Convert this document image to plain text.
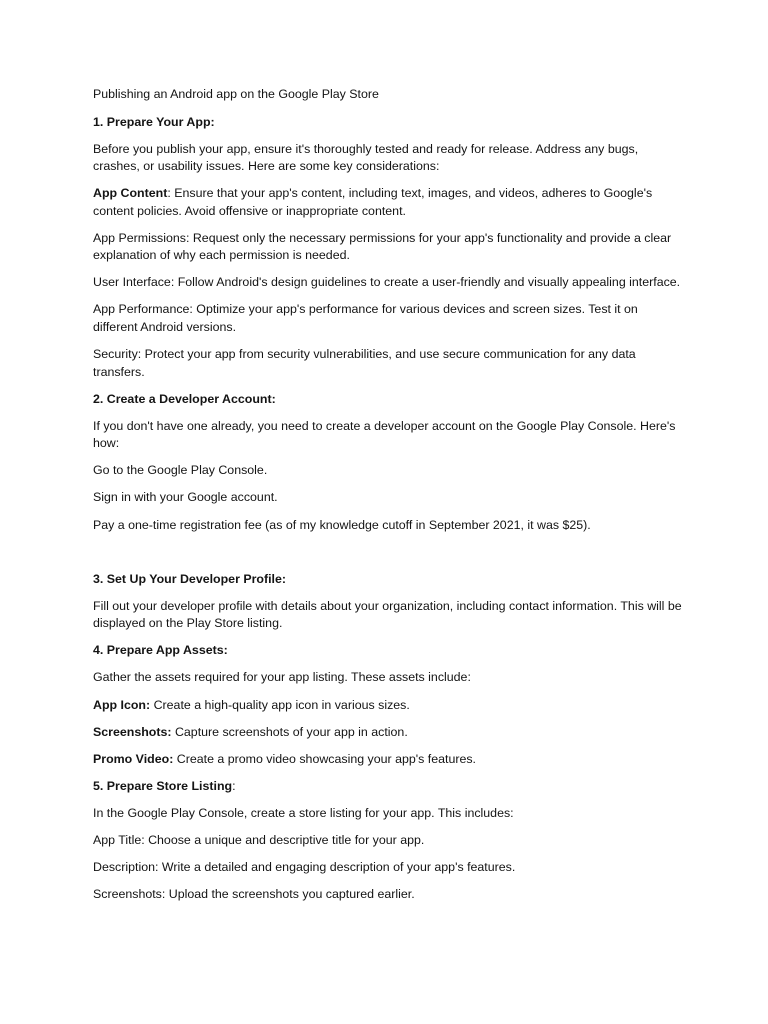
Publishing an Android app on the Google Play Store

1. Prepare Your App:

Before you publish your app, ensure it's thoroughly tested and ready for release. Address any bugs, crashes, or usability issues. Here are some key considerations:

App Content: Ensure that your app's content, including text, images, and videos, adheres to Google's content policies. Avoid offensive or inappropriate content.

App Permissions: Request only the necessary permissions for your app's functionality and provide a clear explanation of why each permission is needed.

User Interface: Follow Android's design guidelines to create a user-friendly and visually appealing interface.

App Performance: Optimize your app's performance for various devices and screen sizes. Test it on different Android versions.

Security: Protect your app from security vulnerabilities, and use secure communication for any data transfers.

2. Create a Developer Account:

If you don't have one already, you need to create a developer account on the Google Play Console. Here's how:

Go to the Google Play Console.

Sign in with your Google account.

Pay a one-time registration fee (as of my knowledge cutoff in September 2021, it was $25).

3. Set Up Your Developer Profile:

Fill out your developer profile with details about your organization, including contact information. This will be displayed on the Play Store listing.

4. Prepare App Assets:

Gather the assets required for your app listing. These assets include:

App Icon: Create a high-quality app icon in various sizes.

Screenshots: Capture screenshots of your app in action.

Promo Video: Create a promo video showcasing your app's features.

5. Prepare Store Listing:

In the Google Play Console, create a store listing for your app. This includes:

App Title: Choose a unique and descriptive title for your app.

Description: Write a detailed and engaging description of your app's features.

Screenshots: Upload the screenshots you captured earlier.
